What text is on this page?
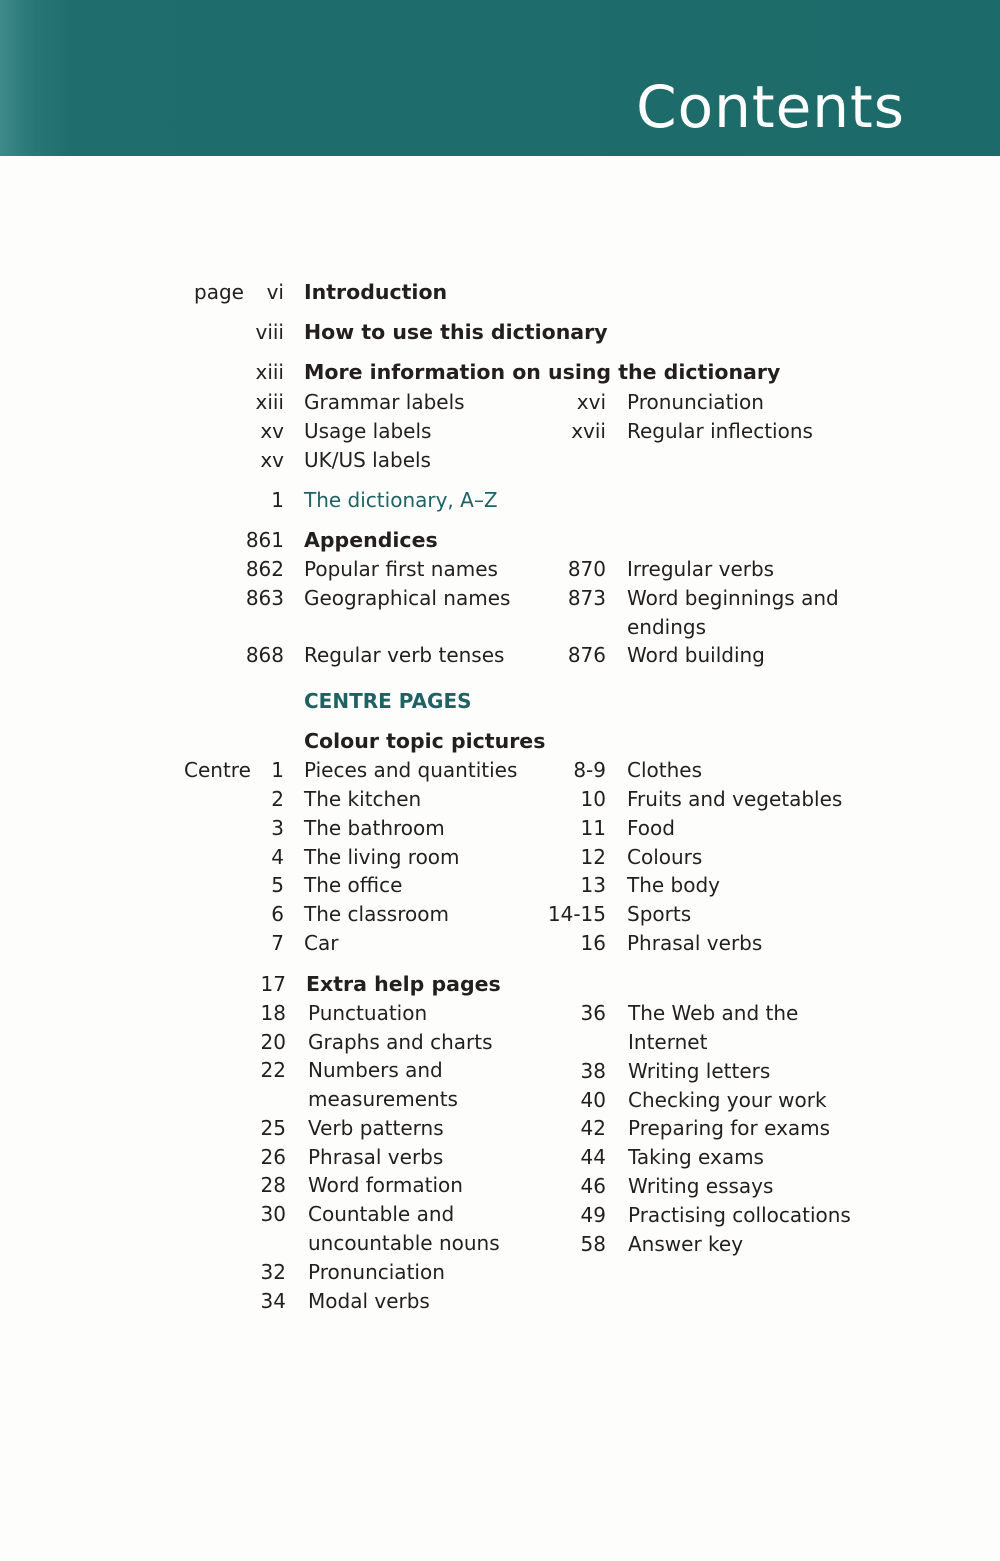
Contents
page vi Introduction
viii How to use this dictionary
xiii More information on using the dictionary
xiii Grammar labels
xv Usage labels
xv UK/US labels
xvi Pronunciation
xvii Regular inflections
1 The dictionary, A–Z
861 Appendices
862 Popular first names
863 Geographical names
868 Regular verb tenses
870 Irregular verbs
873 Word beginnings and
endings
876 Word building
CENTRE PAGES
Colour topic pictures
Centre 1 Pieces and quantities
2 The kitchen
3 The bathroom
4 The living room
5 The office
6 The classroom
7 Car
8-9 Clothes
10 Fruits and vegetables
11 Food
12 Colours
13 The body
14-15 Sports
16 Phrasal verbs
17 Extra help pages
18 Punctuation
20 Graphs and charts
22 Numbers and
measurements
25 Verb patterns
26 Phrasal verbs
28 Word formation
30 Countable and
uncountable nouns
32 Pronunciation
34 Modal verbs
36 The Web and the
Internet
38 Writing letters
40 Checking your work
42 Preparing for exams
44 Taking exams
46 Writing essays
49 Practising collocations
58 Answer key
